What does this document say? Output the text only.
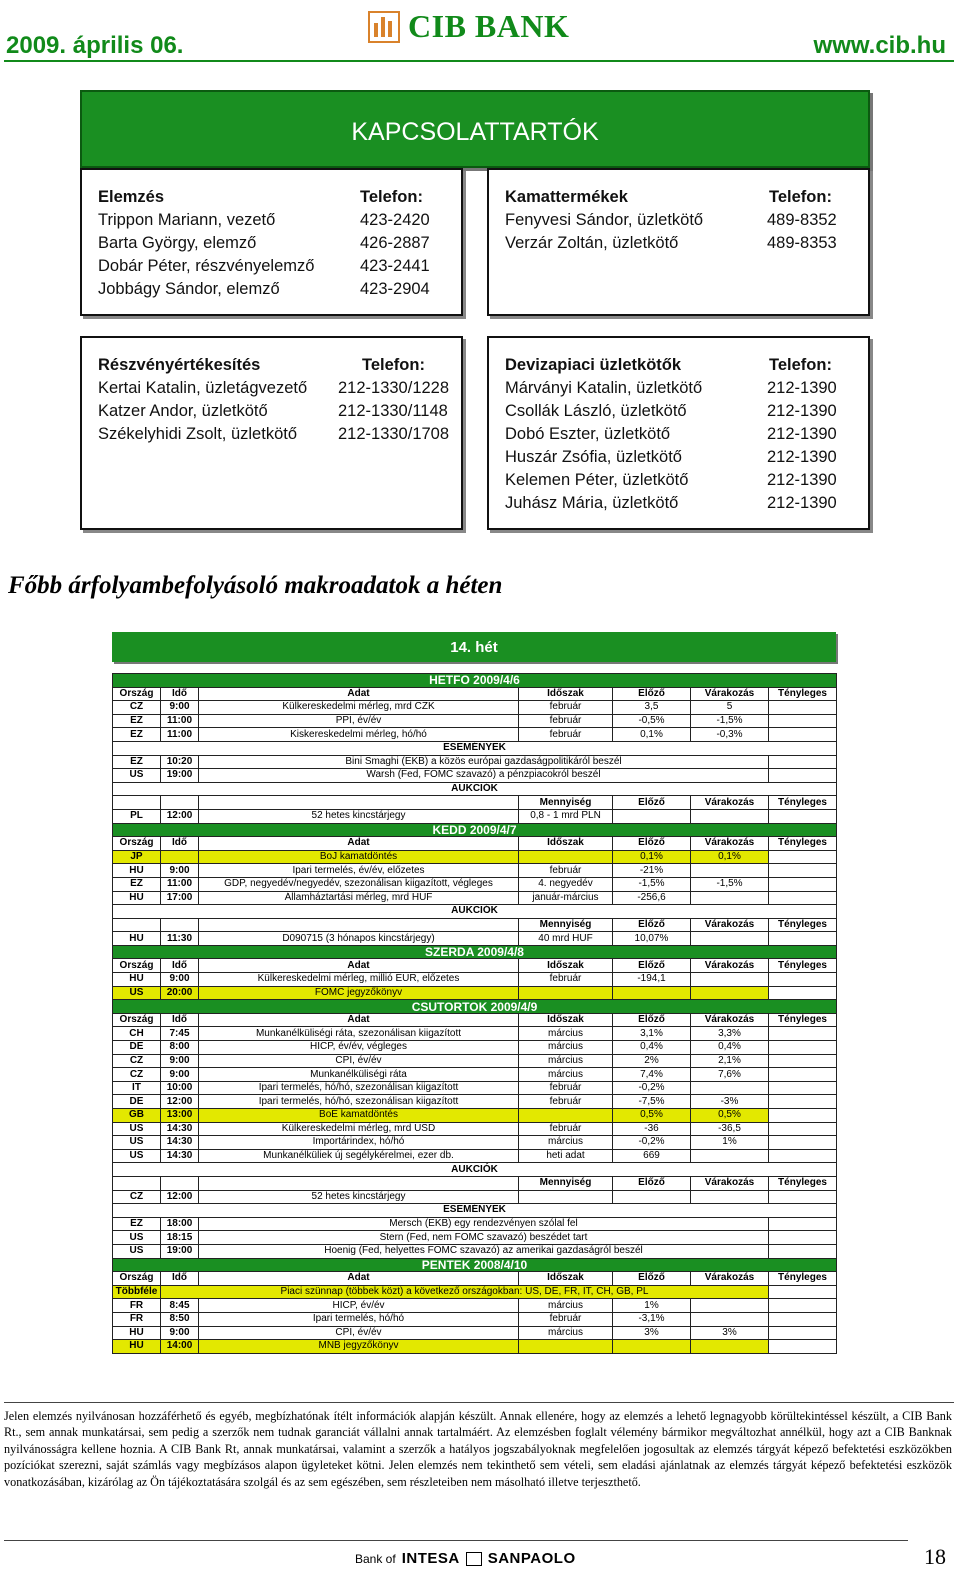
2009. április 06.
CIB BANK
www.cib.hu
KAPCSOLATTARTÓK
Elemzés	Telefon:
Trippon Mariann, vezető	423-2420
Barta György, elemző	426-2887
Dobár Péter, részvényelemző	423-2441
Jobbágy Sándor, elemző	423-2904
Kamattermékek	Telefon:
Fenyvesi Sándor, üzletkötő	489-8352
Verzár Zoltán, üzletkötő	489-8353
Részvényértékesítés	Telefon:
Kertai Katalin, üzletágvezető 212-1330/1228
Katzer Andor, üzletkötő	212-1330/1148
Székelyhidi Zsolt, üzletkötő 212-1330/1708
Devizapiaci üzletkötők	Telefon:
Márványi Katalin, üzletkötő	212-1390
Csollák László, üzletkötő	212-1390
Dobó Eszter, üzletkötő	212-1390
Huszár Zsófia, üzletkötő	212-1390
Kelemen Péter, üzletkötő	212-1390
Juhász Mária, üzletkötő	212-1390
Főbb árfolyambefolyásoló makroadatok a héten
14. hét
HETFO 2009/4/6						
Ország	Idő	Adat	Időszak	Előző	Várakozás	Tényleges
CZ	9:00	Külkereskedelmi mérleg, mrd CZK	február	3,5	5	
EZ	11:00	PPI, év/év	február	-0,5%	-1,5%	
EZ	11:00	Kiskereskedelmi mérleg, hó/hó	február	0,1%	-0,3%	
ESEMÉNYEK						
EZ	10:20	Bini Smaghi (EKB) a közös európai gazdaságpolitikáról beszél				
US	19:00	Warsh (Fed, FOMC szavazó) a pénzpiacokról beszél				
AUKCIÓK						
			Mennyiség	Előző	Várakozás	Tényleges
PL	12:00	52 hetes kincstárjegy	0,8 - 1 mrd PLN			
KEDD 2009/4/7						
Ország	Idő	Adat	Időszak	Előző	Várakozás	Tényleges
JP		BoJ kamatdöntés		0,1%	0,1%	
HU	9:00	Ipari termelés, év/év, előzetes	február	-21%		
EZ	11:00	GDP, negyedév/negyedév, szezonálisan kiigazított, végleges	4. negyedév	-1,5%	-1,5%	
HU	17:00	Államháztartási mérleg, mrd HUF	január-március	-256,6		
AUKCIÓK						
			Mennyiség	Előző	Várakozás	Tényleges
HU	11:30	D090715 (3 hónapos kincstárjegy)	40 mrd HUF	10,07%		
SZERDA 2009/4/8						
Ország	Idő	Adat	Időszak	Előző	Várakozás	Tényleges
HU	9:00	Külkereskedelmi mérleg, millió EUR, előzetes	február	-194,1		
US	20:00	FOMC jegyzőkönyv				
CSUTORTOK 2009/4/9						
Ország	Idő	Adat	Időszak	Előző	Várakozás	Tényleges
CH	7:45	Munkanélküliségi ráta, szezonálisan kiigazított	március	3,1%	3,3%	
DE	8:00	HICP, év/év, végleges	március	0,4%	0,4%	
CZ	9:00	CPI, év/év	március	2%	2,1%	
CZ	9:00	Munkanélküliségi ráta	március	7,4%	7,6%	
IT	10:00	Ipari termelés, hó/hó, szezonálisan kiigazított	február	-0,2%		
DE	12:00	Ipari termelés, hó/hó, szezonálisan kiigazított	február	-7,5%	-3%	
GB	13:00	BoE kamatdöntés		0,5%	0,5%	
US	14:30	Külkereskedelmi mérleg, mrd USD	február	-36	-36,5	
US	14:30	Importárindex, hó/hó	március	-0,2%	1%	
US	14:30	Munkanélküliek új segélykérelmei, ezer db.	heti adat	669		
AUKCIÓK						
			Mennyiség	Előző	Várakozás	Tényleges
CZ	12:00	52 hetes kincstárjegy				
ESEMÉNYEK						
EZ	18:00	Mersch (EKB) egy rendezvényen szólal fel				
US	18:15	Stern (Fed, nem FOMC szavazó) beszédet tart				
US	19:00	Hoenig (Fed, helyettes FOMC szavazó) az amerikai gazdaságról beszél				
PENTEK 2008/4/10						
Ország	Idő	Adat	Időszak	Előző	Várakozás	Tényleges
Többféle	Piaci szünnap (többek közt) a következő országokban: US, DE, FR, IT, CH, GB, PL					
FR	8:45	HICP, év/év	március	1%		
FR	8:50	Ipari termelés, hó/hó	február	-3,1%		
HU	9:00	CPI, év/év	március	3%	3%	
HU	14:00	MNB jegyzőkönyv				
Jelen elemzés nyilvánosan hozzáférhető és egyéb, megbízhatónak ítélt információk alapján készült. Annak ellenére, hogy az elemzés a lehető legnagyobb körültekintéssel készült, a CIB Bank Rt., sem annak munkatársai, sem pedig a szerzők nem tudnak garanciát vállalni annak tartalmáért. Az elemzésben foglalt vélemény bármikor megváltozhat annélkül, hogy azt a CIB Banknak nyilvánosságra kellene hoznia. A CIB Bank Rt, annak munkatársai, valamint a szerzők a hatályos jogszabályoknak megfelelően jogosultak az elemzés tárgyát képező befektetési eszközökben pozíciókat szerezni, saját számlás vagy megbízásos alapon ügyleteket kötni. Jelen elemzés nem tekinthető sem vételi, sem eladási ajánlatnak az elemzés tárgyát képező befektetési eszközök vonatkozásában, kizárólag az Ön tájékoztatására szolgál és az sem egészében, sem részleteiben nem másolható illetve terjeszthető.
Bank of INTESA SANPAOLO	18
